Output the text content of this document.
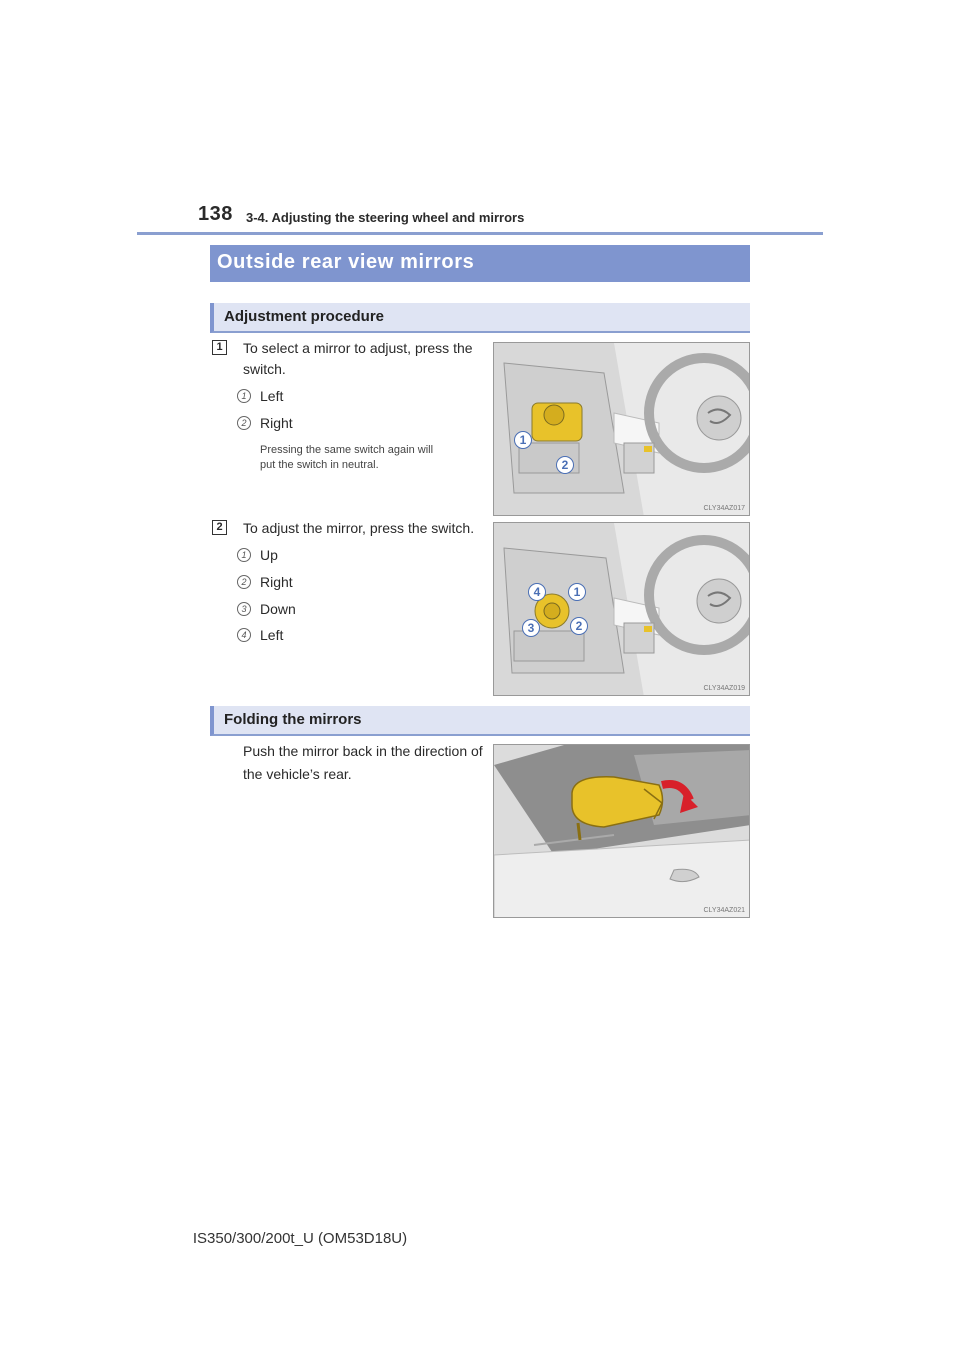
138 3-4. Adjusting the steering wheel and mirrors
Outside rear view mirrors
Adjustment procedure
1	To select a mirror to adjust, press the
switch.
1 Left
2 Right
Pressing the same switch again will
put the switch in neutral.
1
2
CLY34AZ017
2	To adjust the mirror, press the switch.
1 Up
2 Right
3 Down
4 Left
4	1
3	2
CLY34AZ019
Folding the mirrors
Push the mirror back in the direction of
the vehicle’s rear.
CLY34AZ021
IS350/300/200t_U (OM53D18U)
